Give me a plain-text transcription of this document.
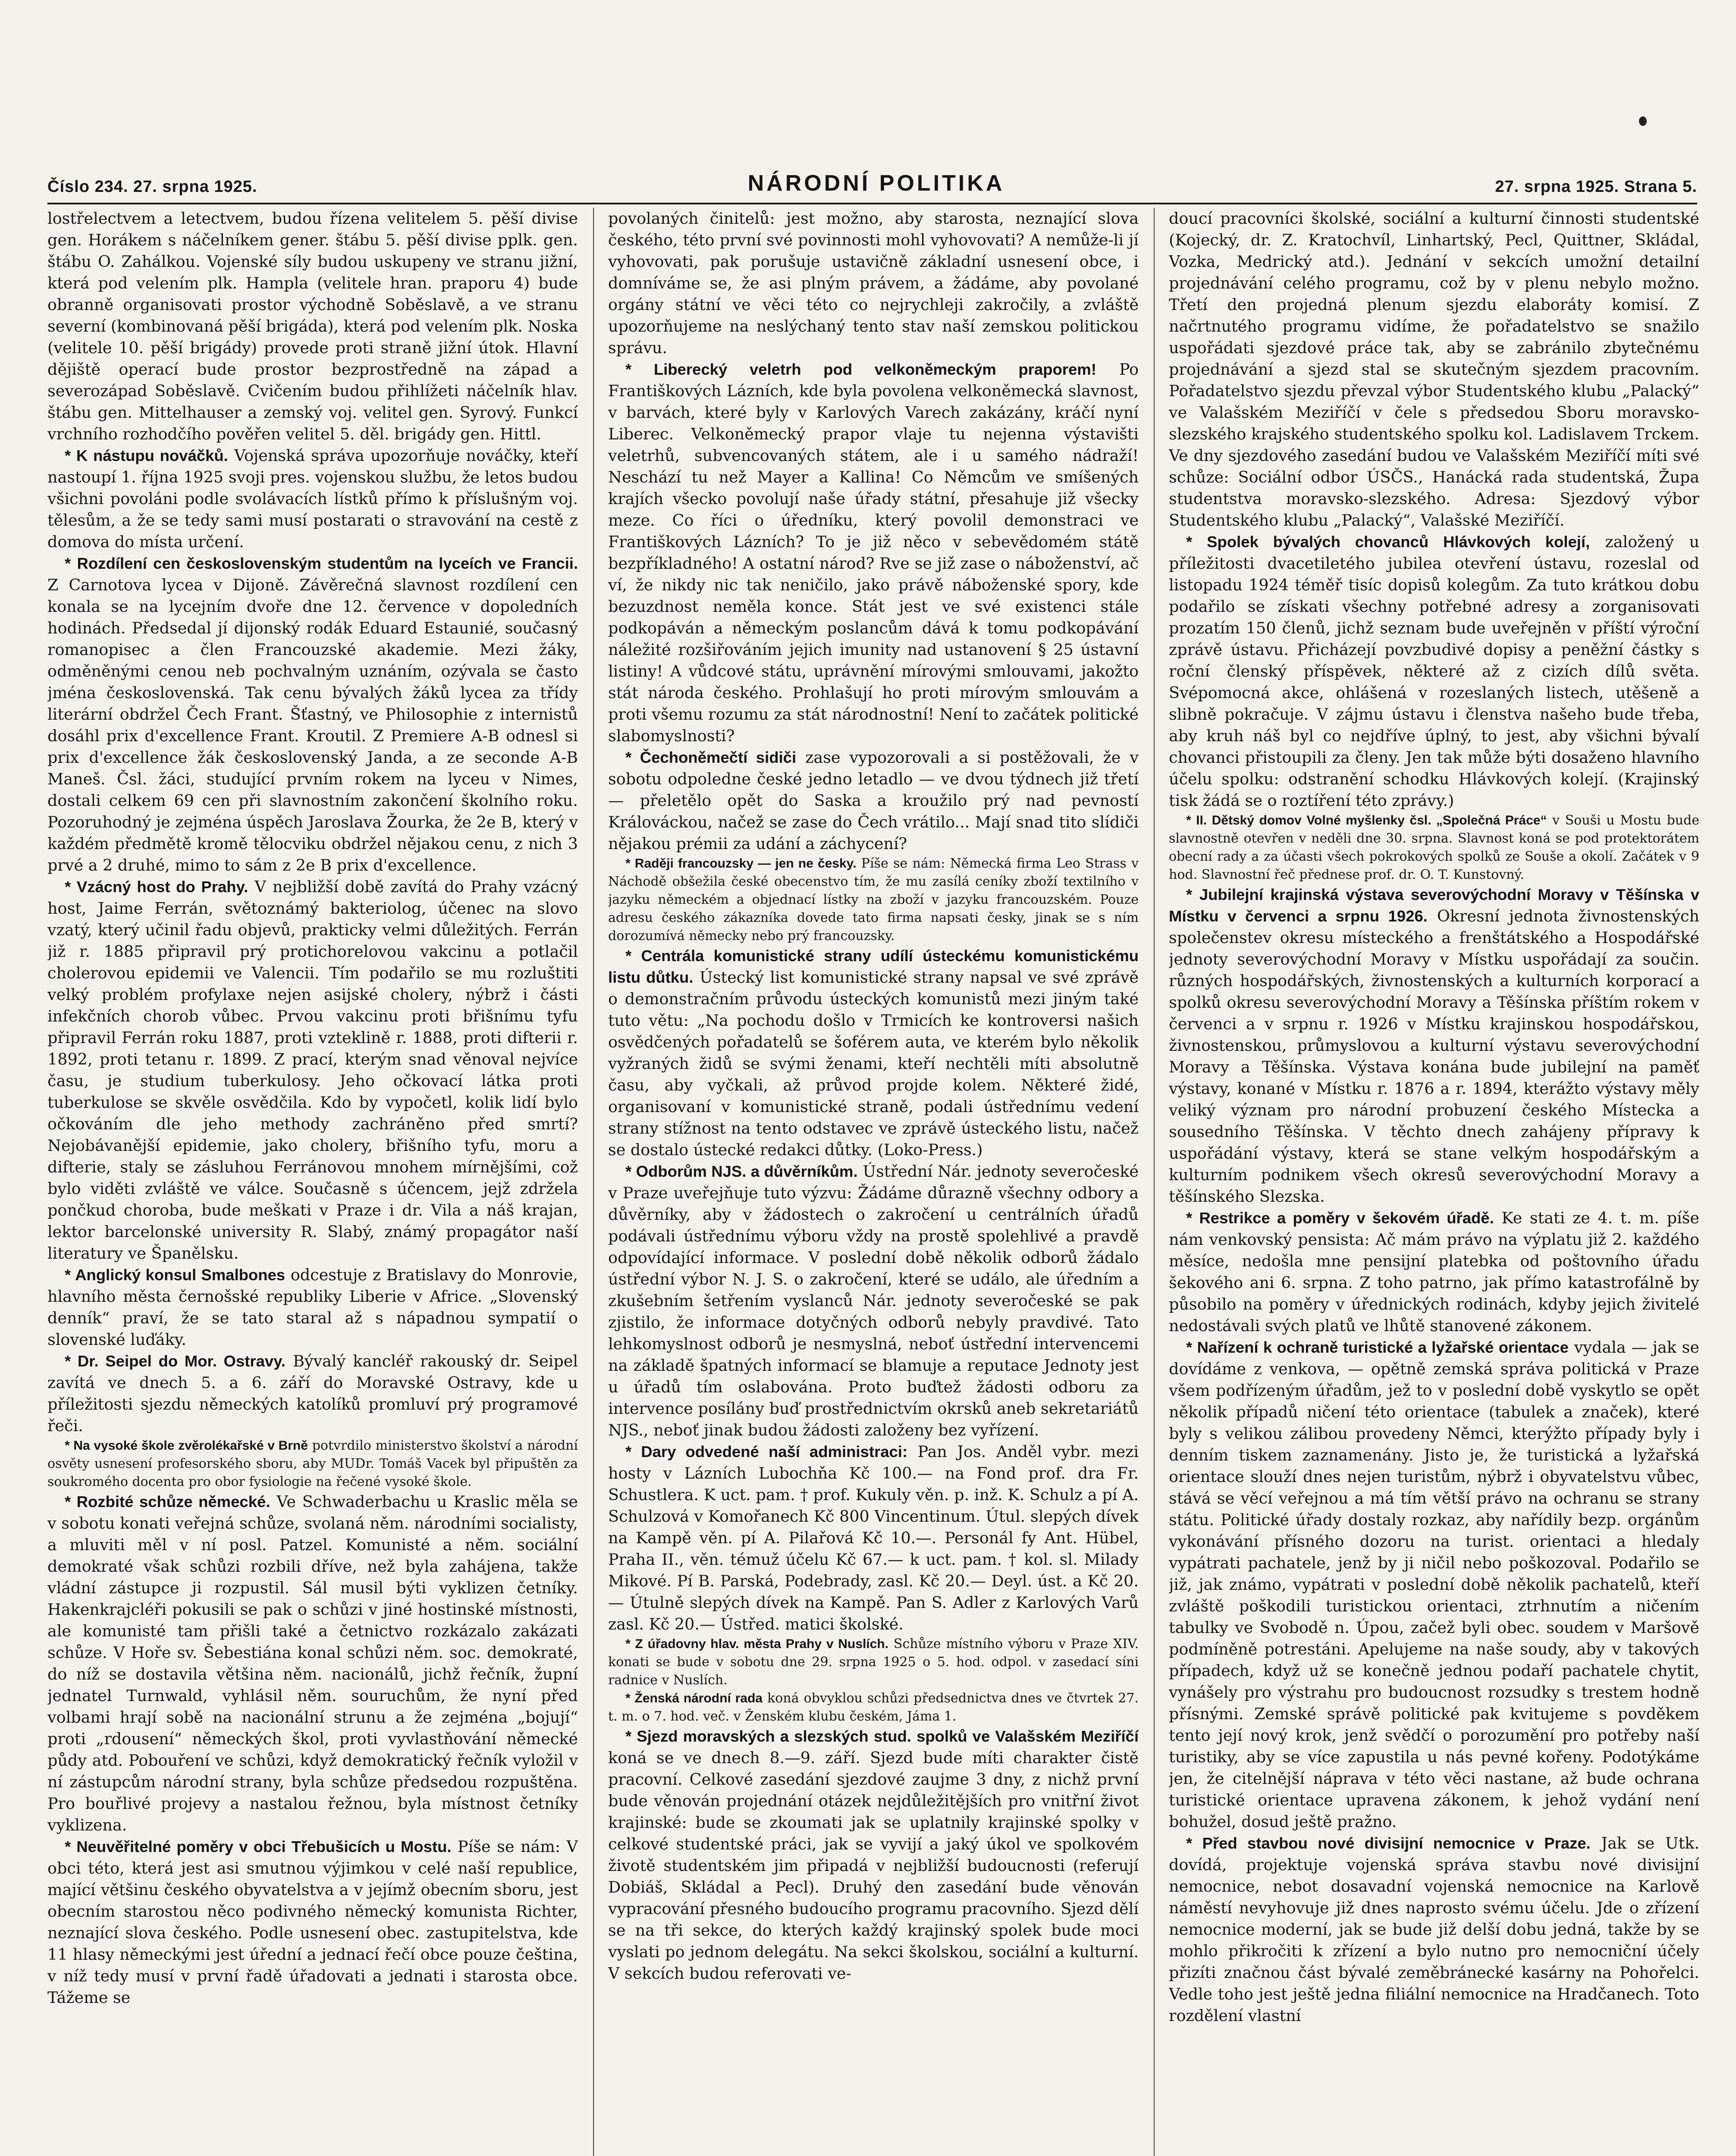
Číslo 234. 27. srpna 1925.	NÁRODNÍ POLITIKA	27. srpna 1925. Strana 5.

lostřelectvem a letectvem, budou řízena velitelem 5. pěší divise gen. Horákem s náčelníkem gener. štábu 5. pěší divise pplk. gen. štábu O. Zahálkou. Vojenské síly budou uskupeny ve stranu jižní, která pod velením plk. Hampla (velitele hran. praporu 4) bude obranně organisovati prostor východně Soběslavě, a ve stranu severní (kombinovaná pěší brigáda), která pod velením plk. Noska (velitele 10. pěší brigády) provede proti straně jižní útok. Hlavní dějiště operací bude prostor bezprostředně na západ a severozápad Soběslavě. Cvičením budou přihlížeti náčelník hlav. štábu gen. Mittelhauser a zemský voj. velitel gen. Syrový. Funkcí vrchního rozhodčího pověřen velitel 5. děl. brigády gen. Hittl.

* K nástupu nováčků. Vojenská správa upozorňuje nováčky, kteří nastoupí 1. října 1925 svoji pres. vojenskou službu, že letos budou všichni povoláni podle svolávacích lístků přímo k příslušným voj. tělesům, a že se tedy sami musí postarati o stravování na cestě z domova do místa určení.

* Rozdílení cen československým studentům na lyceích ve Francii. Z Carnotova lycea v Dijoně. Závěrečná slavnost rozdílení cen konala se na lycejním dvoře dne 12. července v dopoledních hodinách. Předsedal jí dijonský rodák Eduard Estaunié, současný romanopisec a člen Francouzské akademie. Mezi žáky, odměněnými cenou neb pochvalným uznáním, ozývala se často jména československá. Tak cenu bývalých žáků lycea za třídy literární obdržel Čech Frant. Šťastný, ve Philosophie z internistů dosáhl prix d'excellence Frant. Kroutil. Z Premiere A-B odnesl si prix d'excellence žák československý Janda, a ze seconde A-B Maneš. Čsl. žáci, studující prvním rokem na lyceu v Nimes, dostali celkem 69 cen při slavnostním zakončení školního roku. Pozoruhodný je zejména úspěch Jaroslava Žourka, že 2e B, který v každém předmětě kromě tělocviku obdržel nějakou cenu, z nich 3 prvé a 2 druhé, mimo to sám z 2e B prix d'excellence.

* Vzácný host do Prahy. V nejbližší době zavítá do Prahy vzácný host, Jaime Ferrán, světoznámý bakteriolog, účenec na slovo vzatý, který učinil řadu objevů, prakticky velmi důležitých. Ferrán již r. 1885 připravil prý protichorelovou vakcinu a potlačil cholerovou epidemii ve Valencii. Tím podařilo se mu rozluštiti velký problém profylaxe nejen asijské cholery, nýbrž i části infekčních chorob vůbec. Prvou vakcinu proti břišnímu tyfu připravil Ferrán roku 1887, proti vzteklině r. 1888, proti difterii r. 1892, proti tetanu r. 1899. Z prací, kterým snad věnoval nejvíce času, je studium tuberkulosy. Jeho očkovací látka proti tuberkulose se skvěle osvědčila. Kdo by vypočetl, kolik lidí bylo očkováním dle jeho methody zachráněno před smrtí? Nejobávanější epidemie, jako cholery, břišního tyfu, moru a difterie, staly se zásluhou Ferránovou mnohem mírnějšími, což bylo viděti zvláště ve válce. Současně s účencem, jejž zdržela pončkud choroba, bude meškati v Praze i dr. Vila a náš krajan, lektor barcelonské university R. Slabý, známý propagátor naší literatury ve Španělsku.

* Anglický konsul Smalbones odcestuje z Bratislavy do Monrovie, hlavního města černošské republiky Liberie v Africe. „Slovenský denník“ praví, že se tato staral až s nápadnou sympatií o slovenské luďáky.

* Dr. Seipel do Mor. Ostravy. Bývalý kancléř rakouský dr. Seipel zavítá ve dnech 5. a 6. září do Moravské Ostravy, kde u příležitosti sjezdu německých katolíků promluví prý programové řeči.

* Na vysoké škole zvěrolékařské v Brně potvrdilo ministerstvo školství a národní osvěty usnesení profesorského sboru, aby MUDr. Tomáš Vacek byl připuštěn za soukromého docenta pro obor fysiologie na řečené vysoké škole.

* Rozbité schůze německé. Ve Schwaderbachu u Kraslic měla se v sobotu konati veřejná schůze, svolaná něm. národními socialisty, a mluviti měl v ní posl. Patzel. Komunisté a něm. sociální demokraté však schůzi rozbili dříve, než byla zahájena, takže vládní zástupce ji rozpustil. Sál musil býti vyklizen četníky. Hakenkrajcléři pokusili se pak o schůzi v jiné hostinské místnosti, ale komunisté tam přišli také a četnictvo rozkázalo zakázati schůze. V Hoře sv. Šebestiána konal schůzi něm. soc. demokraté, do níž se dostavila většina něm. nacionálů, jichž řečník, župní jednatel Turnwald, vyhlásil něm. souruchům, že nyní před volbami hrají sobě na nacionální strunu a že zejména „bojují“ proti „rdousení“ německých škol, proti vyvlastňování německé půdy atd. Pobouření ve schůzi, když demokratický řečník vyložil v ní zástupcům národní strany, byla schůze předsedou rozpuštěna. Pro bouřlivé projevy a nastalou řežnou, byla místnost četníky vyklizena.

* Neuvěřitelné poměry v obci Třebušicích u Mostu. Píše se nám: V obci této, která jest asi smutnou výjimkou v celé naší republice, mající většinu českého obyvatelstva a v jejímž obecním sboru, jest obecním starostou něco podivného německý komunista Richter, neznající slova českého. Podle usnesení obec. zastupitelstva, kde 11 hlasy německými jest úřední a jednací řečí obce pouze čeština, v níž tedy musí v první řadě úřadovati a jednati i starosta obce. Tážeme se

povolaných činitelů: jest možno, aby starosta, neznající slova českého, této první své povinnosti mohl vyhovovati? A nemůže-li jí vyhovovati, pak porušuje ustavičně základní usnesení obce, i domníváme se, že asi plným právem, a žádáme, aby povolané orgány státní ve věci této co nejrychleji zakročily, a zvláště upozorňujeme na neslýchaný tento stav naší zemskou politickou správu.

* Liberecký veletrh pod velkoněmeckým praporem! Po Františkových Lázních, kde byla povolena velkoněmecká slavnost, v barvách, které byly v Karlových Varech zakázány, kráčí nyní Liberec. Velkoněmecký prapor vlaje tu nejenna výstavišti veletrhů, subvencovaných státem, ale i u samého nádraží! Neschází tu než Mayer a Kallina! Co Němcům ve smíšených krajích všecko povolují naše úřady státní, přesahuje již všecky meze. Co říci o úředníku, který povolil demonstraci ve Františkových Lázních? To je již něco v sebevědomém státě bezpříkladného! A ostatní národ? Rve se již zase o náboženství, ač ví, že nikdy nic tak neničilo, jako právě náboženské spory, kde bezuzdnost neměla konce. Stát jest ve své existenci stále podkopáván a německým poslancům dává k tomu podkopávání náležité rozšiřováním jejich imunity nad ustanovení § 25 ústavní listiny! A vůdcové státu, uprávnění mírovými smlouvami, jakožto stát národa českého. Prohlašují ho proti mírovým smlouvám a proti všemu rozumu za stát národnostní! Není to začátek politické slabomyslnosti?

* Čechoněmečtí sidiči zase vypozorovali a si postěžovali, že v sobotu odpoledne české jedno letadlo — ve dvou týdnech již třetí — přeletělo opět do Saska a kroužilo prý nad pevností Králováckou, načež se zase do Čech vrátilo... Mají snad tito slídiči nějakou prémii za udání a záchycení?

* Raději francouzsky — jen ne česky. Píše se nám: Německá firma Leo Strass v Náchodě obšežila české obecenstvo tím, že mu zasílá ceníky zboží textilního v jazyku německém a objednací lístky na zboží v jazyku francouzském. Pouze adresu českého zákazníka dovede tato firma napsati česky, jinak se s ním dorozumívá německy nebo prý francouzsky.

* Centrála komunistické strany udílí ústeckému komunistickému listu důtku. Ústecký list komunistické strany napsal ve své zprávě o demonstračním průvodu ústeckých komunistů mezi jiným také tuto větu: „Na pochodu došlo v Trmicích ke kontroversi našich osvědčených pořadatelů se šoférem auta, ve kterém bylo několik vyžraných židů se svými ženami, kteří nechtěli míti absolutně času, aby vyčkali, až průvod projde kolem. Některé židé, organisovaní v komunistické straně, podali ústřednímu vedení strany stížnost na tento odstavec ve zprávě ústeckého listu, načež se dostalo ústecké redakci důtky. (Loko-Press.)

* Odborům NJS. a důvěrníkům. Ústřední Nár. jednoty severočeské v Praze uveřejňuje tuto výzvu: Žádáme důrazně všechny odbory a důvěrníky, aby v žádostech o zakročení u centrálních úřadů podávali ústřednímu výboru vždy na prostě spolehlivé a pravdě odpovídající informace. V poslední době několik odborů žádalo ústřední výbor N. J. S. o zakročení, které se událo, ale úředním a zkušebním šetřením vyslanců Nár. jednoty severočeské se pak zjistilo, že informace dotyčných odborů nebyly pravdivé. Tato lehkomyslnost odborů je nesmyslná, neboť ústřední intervencemi na základě špatných informací se blamuje a reputace Jednoty jest u úřadů tím oslabována. Proto buďtež žádosti odboru za intervence posílány buď prostřednictvím okrsků aneb sekretariátů NJS., neboť jinak budou žádosti založeny bez vyřízení.

* Dary odvedené naší administraci: Pan Jos. Anděl vybr. mezi hosty v Lázních Lubochňa Kč 100.— na Fond prof. dra Fr. Schustlera. K uct. pam. † prof. Kukuly věn. p. inž. K. Schulz a pí A. Schulzová v Komořanech Kč 800 Vincentinum. Útul. slepých dívek na Kampě věn. pí A. Pilařová Kč 10.—. Personál fy Ant. Hübel, Praha II., věn. témuž účelu Kč 67.— k uct. pam. † kol. sl. Milady Mikové. Pí B. Parská, Podebrady, zasl. Kč 20.— Deyl. úst. a Kč 20.— Útulně slepých dívek na Kampě. Pan S. Adler z Karlových Varů zasl. Kč 20.— Ústřed. matici školské.

* Z úřadovny hlav. města Prahy v Nuslích. Schůze místního výboru v Praze XIV. konati se bude v sobotu dne 29. srpna 1925 o 5. hod. odpol. v zasedací síni radnice v Nuslích.

* Ženská národní rada koná obvyklou schůzi předsednictva dnes ve čtvrtek 27. t. m. o 7. hod. več. v Ženském klubu českém, Jáma 1.

* Sjezd moravských a slezských stud. spolků ve Valašském Meziříčí koná se ve dnech 8.—9. září. Sjezd bude míti charakter čistě pracovní. Celkové zasedání sjezdové zaujme 3 dny, z nichž první bude věnován projednání otázek nejdůležitějších pro vnitřní život krajinské: bude se zkoumati jak se uplatnily krajinské spolky v celkové studentské práci, jak se vyvijí a jaký úkol ve spolkovém životě studentském jim připadá v nejbližší budoucnosti (referují Dobiáš, Skládal a Pecl). Druhý den zasedání bude věnován vypracování přesného budoucího programu pracovního. Sjezd dělí se na tři sekce, do kterých každý krajinský spolek bude moci vyslati po jednom delegátu. Na sekci školskou, sociální a kulturní. V sekcích budou referovati ve-

doucí pracovníci školské, sociální a kulturní činnosti studentské (Kojecký, dr. Z. Kratochvíl, Linhartský, Pecl, Quittner, Skládal, Vozka, Medrický atd.). Jednání v sekcích umožní detailní projednávání celého programu, což by v plenu nebylo možno. Třetí den projedná plenum sjezdu elaboráty komisí. Z načrtnutého programu vidíme, že pořadatelstvo se snažilo uspořádati sjezdové práce tak, aby se zabránilo zbytečnému projednávání a sjezd stal se skutečným sjezdem pracovním. Pořadatelstvo sjezdu převzal výbor Studentského klubu „Palacký“ ve Valašském Meziříčí v čele s předsedou Sboru moravsko-slezského krajského studentského spolku kol. Ladislavem Trckem. Ve dny sjezdového zasedání budou ve Valašském Meziříčí míti své schůze: Sociální odbor ÚSČS., Hanácká rada studentská, Župa studentstva moravsko-slezského. Adresa: Sjezdový výbor Studentského klubu „Palacký“, Valašské Meziříčí.

* Spolek bývalých chovanců Hlávkových kolejí, založený u příležitosti dvacetiletého jubilea otevření ústavu, rozeslal od listopadu 1924 téměř tisíc dopisů kolegům. Za tuto krátkou dobu podařilo se získati všechny potřebné adresy a zorganisovati prozatím 150 členů, jichž seznam bude uveřejněn v příští výroční zprávě ústavu. Přicházejí povzbudivé dopisy a peněžní částky s roční členský příspěvek, některé až z cizích dílů světa. Svépomocná akce, ohlášená v rozeslaných listech, utěšeně a slibně pokračuje. V zájmu ústavu i členstva našeho bude třeba, aby kruh náš byl co nejdříve úplný, to jest, aby všichni bývalí chovanci přistoupili za členy. Jen tak může býti dosaženo hlavního účelu spolku: odstranění schodku Hlávkových kolejí. (Krajinský tisk žádá se o roztíření této zprávy.)

* II. Dětský domov Volné myšlenky čsl. „Společná Práce“ v Souši u Mostu bude slavnostně otevřen v neděli dne 30. srpna. Slavnost koná se pod protektorátem obecní rady a za účasti všech pokrokových spolků ze Souše a okolí. Začátek v 9 hod. Slavnostní řeč přednese prof. dr. O. T. Kunstovný.

* Jubilejní krajinská výstava severovýchodní Moravy v Těšínska v Místku v červenci a srpnu 1926. Okresní jednota živnostenských společenstev okresu místeckého a frenštátského a Hospodářské jednoty severovýchodní Moravy v Místku uspořádají za součin. různých hospodářských, živnostenských a kulturních korporací a spolků okresu severovýchodní Moravy a Těšínska příštím rokem v červenci a v srpnu r. 1926 v Místku krajinskou hospodářskou, živnostenskou, průmyslovou a kulturní výstavu severovýchodní Moravy a Těšínska. Výstava konána bude jubilejní na paměť výstavy, konané v Místku r. 1876 a r. 1894, kterážto výstavy měly veliký význam pro národní probuzení českého Místecka a sousedního Těšínska. V těchto dnech zahájeny přípravy k uspořádání výstavy, která se stane velkým hospodářským a kulturním podnikem všech okresů severovýchodní Moravy a těšínského Slezska.

* Restrikce a poměry v šekovém úřadě. Ke stati ze 4. t. m. píše nám venkovský pensista: Ač mám právo na výplatu již 2. každého měsíce, nedošla mne pensijní platebka od poštovního úřadu šekového ani 6. srpna. Z toho patrno, jak přímo katastrofálně by působilo na poměry v úřednických rodinách, kdyby jejich živitelé nedostávali svých platů ve lhůtě stanovené zákonem.

* Nařízení k ochraně turistické a lyžařské orientace vydala — jak se dovídáme z venkova, — opětně zemská správa politická v Praze všem podřízeným úřadům, jež to v poslední době vyskytlo se opět několik případů ničení této orientace (tabulek a značek), které byly s velikou zálibou provedeny Němci, kterýžto případy byly i denním tiskem zaznamenány. Jisto je, že turistická a lyžařská orientace slouží dnes nejen turistům, nýbrž i obyvatelstvu vůbec, stává se věcí veřejnou a má tím větší právo na ochranu se strany státu. Politické úřady dostaly rozkaz, aby nařídily bezp. orgánům vykonávání přísného dozoru na turist. orientaci a hledaly vypátrati pachatele, jenž by ji ničil nebo poškozoval. Podařilo se již, jak známo, vypátrati v poslední době několik pachatelů, kteří zvláště poškodili turistickou orientaci, ztrhnutím a ničením tabulky ve Svobodě n. Úpou, začež byli obec. soudem v Maršově podmíněně potrestáni. Apelujeme na naše soudy, aby v takových případech, když už se konečně jednou podaří pachatele chytit, vynášely pro výstrahu pro budoucnost rozsudky s trestem hodně přísnými. Zemské správě politické pak kvitujeme s povděkem tento její nový krok, jenž svědčí o porozumění pro potřeby naší turistiky, aby se více zapustila u nás pevné kořeny. Podotýkáme jen, že citelnější náprava v této věci nastane, až bude ochrana turistické orientace upravena zákonem, k jehož vydání není bohužel, dosud ještě pražno.

* Před stavbou nové divisijní nemocnice v Praze. Jak se Utk. dovídá, projektuje vojenská správa stavbu nové divisijní nemocnice, nebot dosavadní vojenská nemocnice na Karlově náměstí nevyhovuje již dnes naprosto svému účelu. Jde o zřízení nemocnice moderní, jak se bude již delší dobu jedná, takže by se mohlo přikročiti k zřízení a bylo nutno pro nemocniční účely přizíti značnou část bývalé zeměbránecké kasárny na Pohořelci. Vedle toho jest ještě jedna filiální nemocnice na Hradčanech. Toto rozdělení vlastní
